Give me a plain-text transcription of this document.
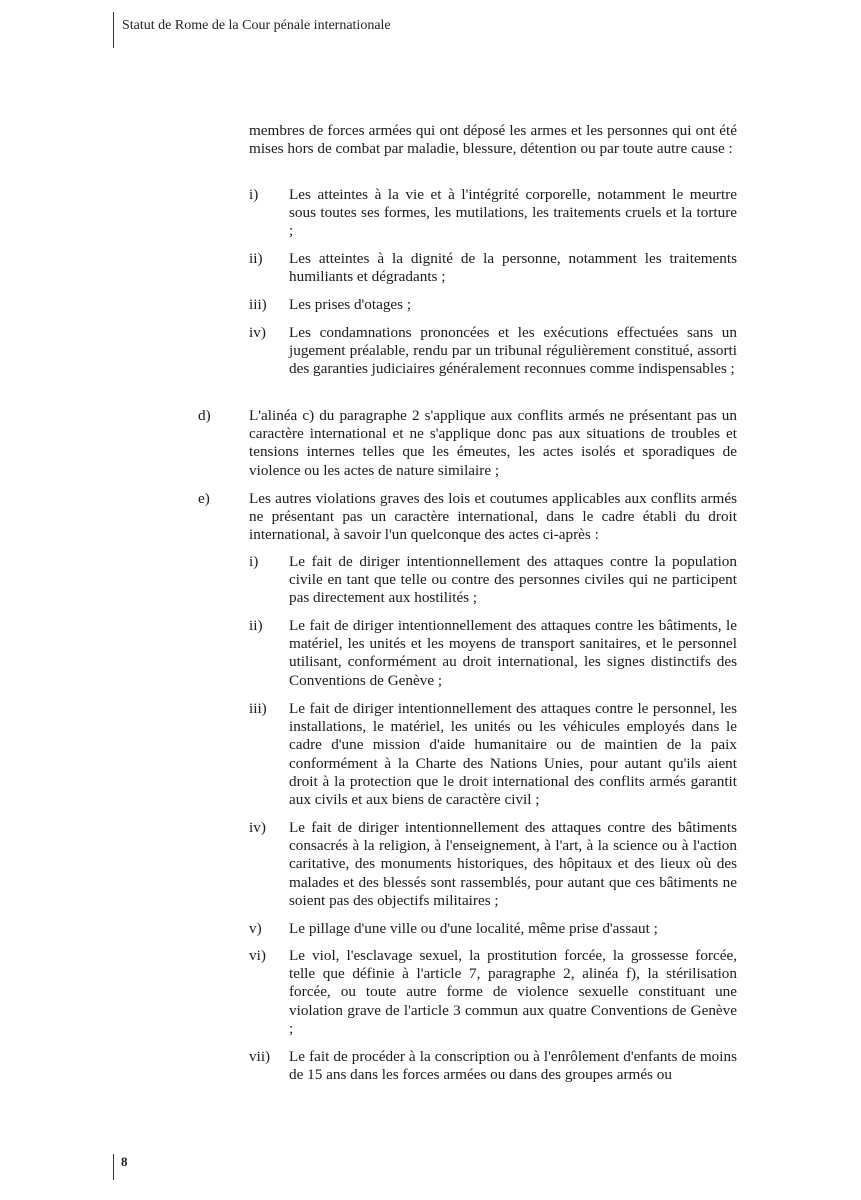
Statut de Rome de la Cour pénale internationale

membres de forces armées qui ont déposé les armes et les personnes qui ont été mises hors de combat par maladie, blessure, détention ou par toute autre cause :

i) Les atteintes à la vie et à l'intégrité corporelle, notamment le meurtre sous toutes ses formes, les mutilations, les traitements cruels et la torture ;

ii) Les atteintes à la dignité de la personne, notamment les traitements humiliants et dégradants ;

iii) Les prises d'otages ;

iv) Les condamnations prononcées et les exécutions effectuées sans un jugement préalable, rendu par un tribunal régulièrement constitué, assorti des garanties judiciaires généralement reconnues comme indispensables ;

d)	L'alinéa c) du paragraphe 2 s'applique aux conflits armés ne présentant pas un caractère international et ne s'applique donc pas aux situations de troubles et tensions internes telles que les émeutes, les actes isolés et sporadiques de violence ou les actes de nature similaire ;

e)	Les autres violations graves des lois et coutumes applicables aux conflits armés ne présentant pas un caractère international, dans le cadre établi du droit international, à savoir l'un quelconque des actes ci-après :

i) Le fait de diriger intentionnellement des attaques contre la population civile en tant que telle ou contre des personnes civiles qui ne participent pas directement aux hostilités ;

ii) Le fait de diriger intentionnellement des attaques contre les bâtiments, le matériel, les unités et les moyens de transport sanitaires, et le personnel utilisant, conformément au droit international, les signes distinctifs des Conventions de Genève ;

iii) Le fait de diriger intentionnellement des attaques contre le personnel, les installations, le matériel, les unités ou les véhicules employés dans le cadre d'une mission d'aide humanitaire ou de maintien de la paix conformément à la Charte des Nations Unies, pour autant qu'ils aient droit à la protection que le droit international des conflits armés garantit aux civils et aux biens de caractère civil ;

iv) Le fait de diriger intentionnellement des attaques contre des bâtiments consacrés à la religion, à l'enseignement, à l'art, à la science ou à l'action caritative, des monuments historiques, des hôpitaux et des lieux où des malades et des blessés sont rassemblés, pour autant que ces bâtiments ne soient pas des objectifs militaires ;

v) Le pillage d'une ville ou d'une localité, même prise d'assaut ;

vi) Le viol, l'esclavage sexuel, la prostitution forcée, la grossesse forcée, telle que définie à l'article 7, paragraphe 2, alinéa f), la stérilisation forcée, ou toute autre forme de violence sexuelle constituant une violation grave de l'article 3 commun aux quatre Conventions de Genève ;

vii) Le fait de procéder à la conscription ou à l'enrôlement d'enfants de moins de 15 ans dans les forces armées ou dans des groupes armés ou

8
